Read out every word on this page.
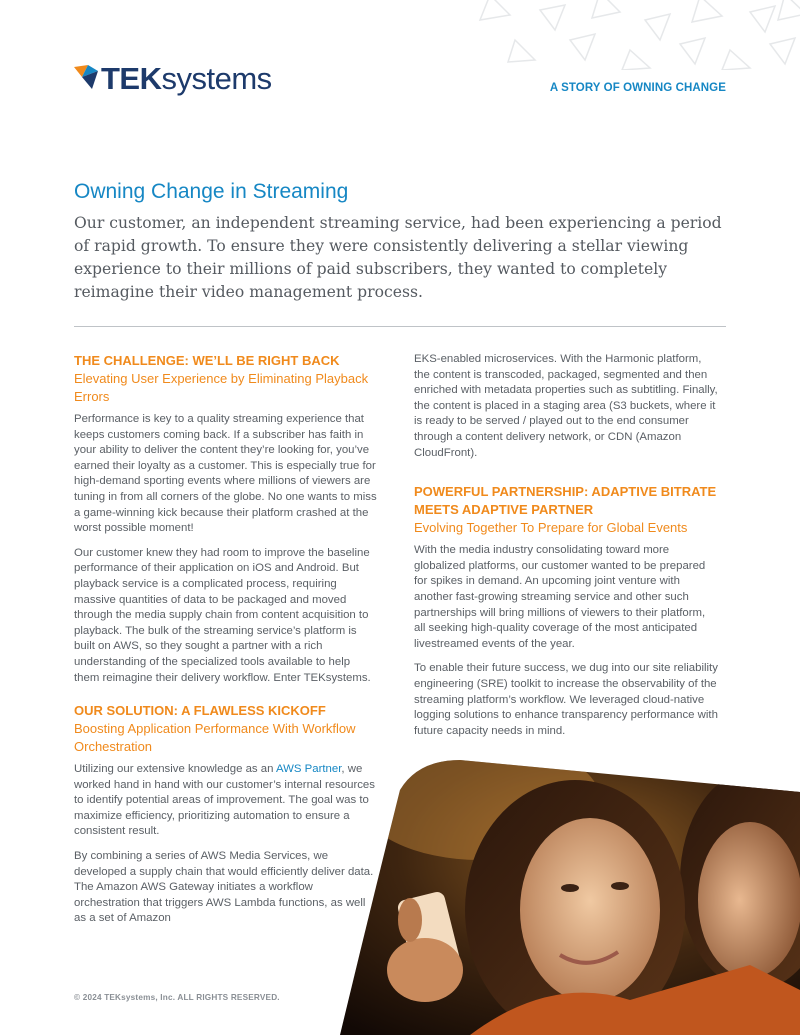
TEKsystems	A STORY OF OWNING CHANGE
Owning Change in Streaming

Our customer, an independent streaming service, had been experiencing a period of rapid growth. To ensure they were consistently delivering a stellar viewing experience to their millions of paid subscribers, they wanted to completely reimagine their video management process.

THE CHALLENGE: WE’LL BE RIGHT BACK
Elevating User Experience by Eliminating Playback Errors

Performance is key to a quality streaming experience that keeps customers coming back. If a subscriber has faith in your ability to deliver the content they’re looking for, you’ve earned their loyalty as a customer. This is especially true for high-demand sporting events where millions of viewers are tuning in from all corners of the globe. No one wants to miss a game-winning kick because their platform crashed at the worst possible moment!

Our customer knew they had room to improve the baseline performance of their application on iOS and Android. But playback service is a complicated process, requiring massive quantities of data to be packaged and moved through the media supply chain from content acquisition to playback. The bulk of the streaming service’s platform is built on AWS, so they sought a partner with a rich understanding of the specialized tools available to help them reimagine their delivery workflow. Enter TEKsystems.

OUR SOLUTION: A FLAWLESS KICKOFF
Boosting Application Performance With Workflow Orchestration

Utilizing our extensive knowledge as an AWS Partner, we worked hand in hand with our customer’s internal resources to identify potential areas of improvement. The goal was to maximize efficiency, prioritizing automation to ensure a consistent result.

By combining a series of AWS Media Services, we developed a supply chain that would efficiently deliver data. The Amazon AWS Gateway initiates a workflow orchestration that triggers AWS Lambda functions, as well as a set of Amazon

EKS-enabled microservices. With the Harmonic platform, the content is transcoded, packaged, segmented and then enriched with metadata properties such as subtitling. Finally, the content is placed in a staging area (S3 buckets, where it is ready to be served / played out to the end consumer through a content delivery network, or CDN (Amazon CloudFront).

POWERFUL PARTNERSHIP: ADAPTIVE BITRATE MEETS ADAPTIVE PARTNER
Evolving Together To Prepare for Global Events

With the media industry consolidating toward more globalized platforms, our customer wanted to be prepared for spikes in demand. An upcoming joint venture with another fast-growing streaming service and other such partnerships will bring millions of viewers to their platform, all seeking high-quality coverage of the most anticipated livestreamed events of the year.

To enable their future success, we dug into our site reliability engineering (SRE) toolkit to increase the observability of the streaming platform’s workflow. We leveraged cloud-native logging solutions to enhance transparency performance with future capacity needs in mind.

© 2024 TEKsystems, Inc. ALL RIGHTS RESERVED.
